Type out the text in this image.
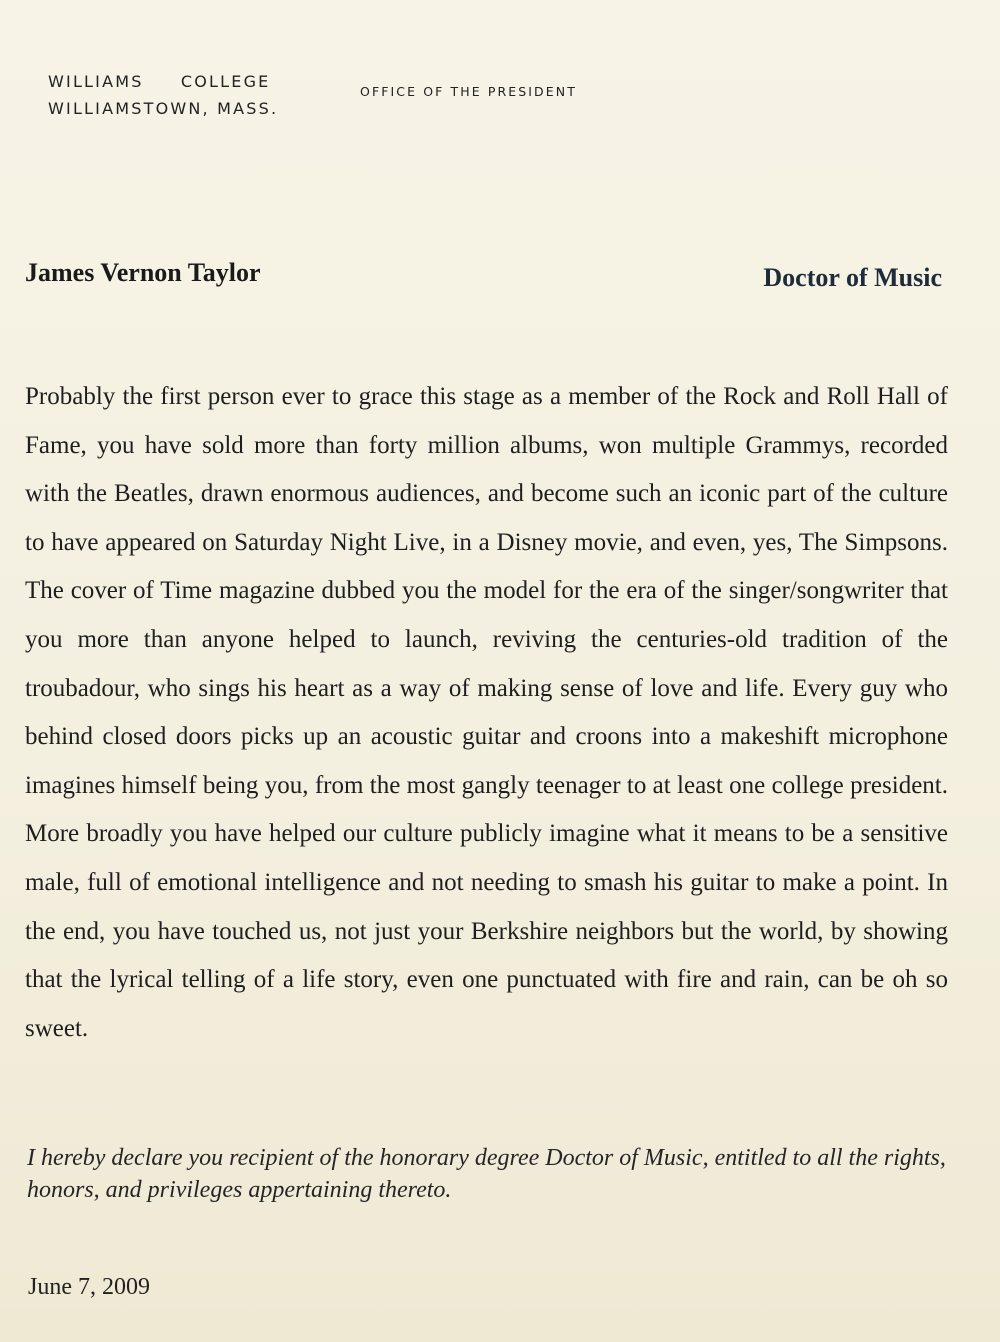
WILLIAMS COLLEGE
WILLIAMSTOWN, MASS.
OFFICE OF THE PRESIDENT
James Vernon Taylor	Doctor of Music
Probably the first person ever to grace this stage as a member of the Rock and Roll Hall of Fame, you have sold more than forty million albums, won multiple Grammys, recorded with the Beatles, drawn enormous audiences, and become such an iconic part of the culture to have appeared on Saturday Night Live, in a Disney movie, and even, yes, The Simpsons. The cover of Time magazine dubbed you the model for the era of the singer/songwriter that you more than anyone helped to launch, reviving the centuries-old tradition of the troubadour, who sings his heart as a way of making sense of love and life. Every guy who behind closed doors picks up an acoustic guitar and croons into a makeshift microphone imagines himself being you, from the most gangly teenager to at least one college president. More broadly you have helped our culture publicly imagine what it means to be a sensitive male, full of emotional intelligence and not needing to smash his guitar to make a point. In the end, you have touched us, not just your Berkshire neighbors but the world, by showing that the lyrical telling of a life story, even one punctuated with fire and rain, can be oh so sweet.
I hereby declare you recipient of the honorary degree Doctor of Music, entitled to all the rights, honors, and privileges appertaining thereto.
June 7, 2009
